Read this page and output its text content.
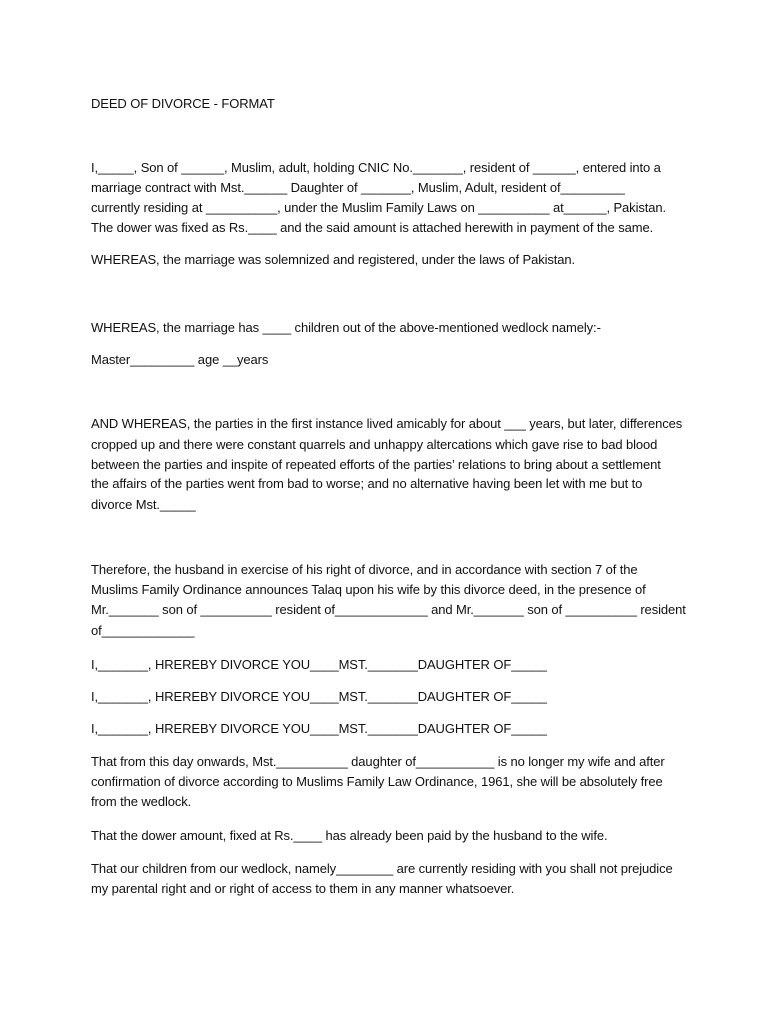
DEED OF DIVORCE - FORMAT

I,_____, Son of ______, Muslim, adult, holding CNIC No._______, resident of ______, entered into a

marriage contract with Mst.______ Daughter of _______, Muslim, Adult, resident of_________

currently residing at __________, under the Muslim Family Laws on __________ at______, Pakistan.

The dower was fixed as Rs.____ and the said amount is attached herewith in payment of the same.

WHEREAS, the marriage was solemnized and registered, under the laws of Pakistan.

WHEREAS, the marriage has ____ children out of the above-mentioned wedlock namely:-

Master_________ age __years

AND WHEREAS, the parties in the first instance lived amicably for about ___ years, but later, differences

cropped up and there were constant quarrels and unhappy altercations which gave rise to bad blood

between the parties and inspite of repeated efforts of the parties’ relations to bring about a settlement

the affairs of the parties went from bad to worse; and no alternative having been let with me but to

divorce Mst._____

Therefore, the husband in exercise of his right of divorce, and in accordance with section 7 of the

Muslims Family Ordinance announces Talaq upon his wife by this divorce deed, in the presence of

Mr._______ son of __________ resident of_____________ and Mr._______ son of __________ resident

of_____________

I,_______, HREREBY DIVORCE YOU____MST._______DAUGHTER OF_____

I,_______, HREREBY DIVORCE YOU____MST._______DAUGHTER OF_____

I,_______, HREREBY DIVORCE YOU____MST._______DAUGHTER OF_____

That from this day onwards, Mst.__________ daughter of___________ is no longer my wife and after

confirmation of divorce according to Muslims Family Law Ordinance, 1961, she will be absolutely free

from the wedlock.

That the dower amount, fixed at Rs.____ has already been paid by the husband to the wife.

That our children from our wedlock, namely________ are currently residing with you shall not prejudice

my parental right and or right of access to them in any manner whatsoever.
